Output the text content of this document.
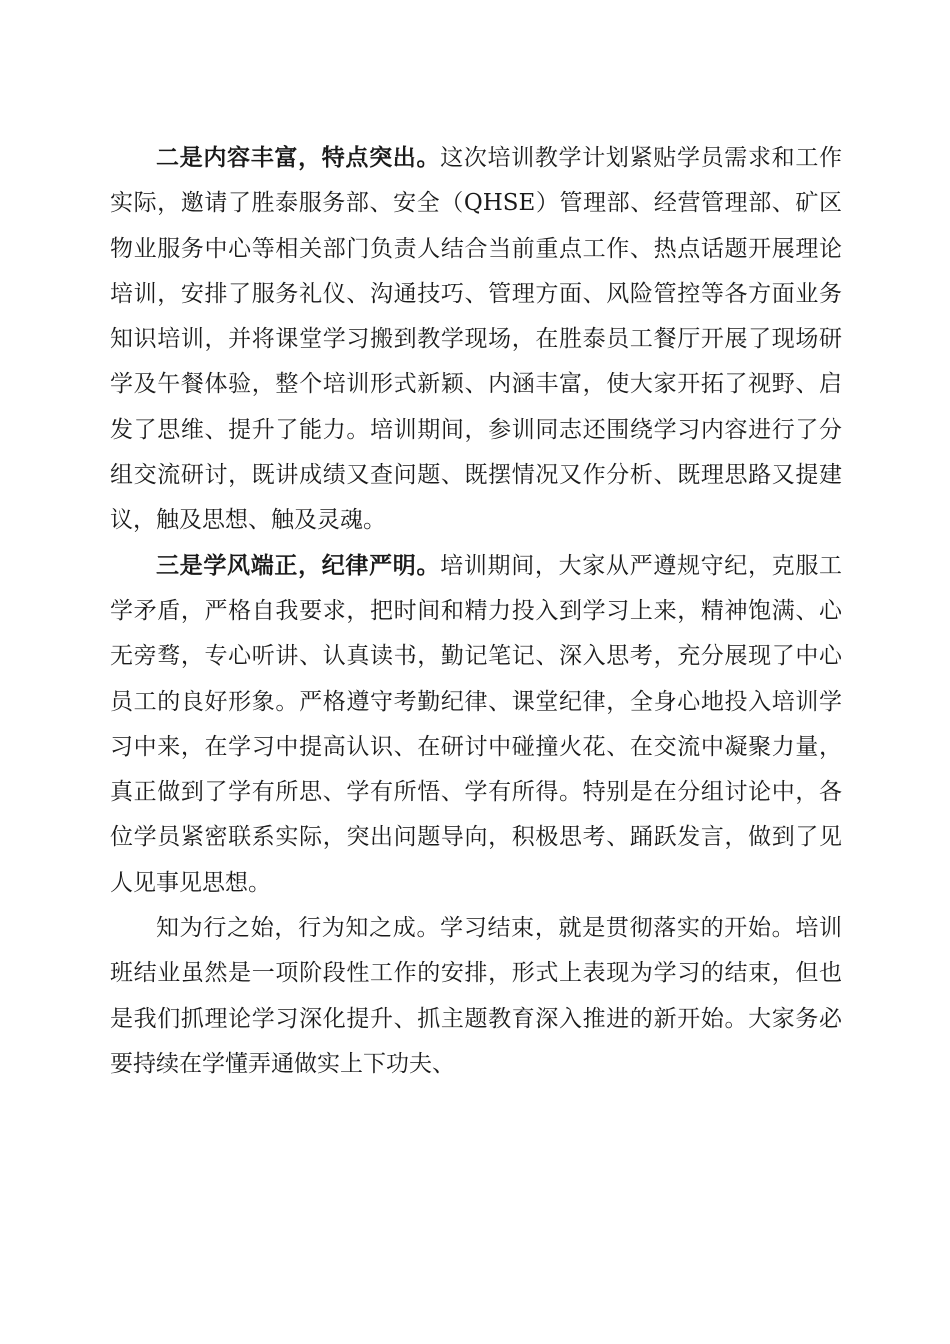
二是内容丰富，特点突出。这次培训教学计划紧贴学员需求和工作实际，邀请了胜泰服务部、安全（QHSE）管理部、经营管理部、矿区物业服务中心等相关部门负责人结合当前重点工作、热点话题开展理论培训，安排了服务礼仪、沟通技巧、管理方面、风险管控等各方面业务知识培训，并将课堂学习搬到教学现场，在胜泰员工餐厅开展了现场研学及午餐体验，整个培训形式新颖、内涵丰富，使大家开拓了视野、启发了思维、提升了能力。培训期间，参训同志还围绕学习内容进行了分组交流研讨，既讲成绩又查问题、既摆情况又作分析、既理思路又提建议，触及思想、触及灵魂。

三是学风端正，纪律严明。培训期间，大家从严遵规守纪，克服工学矛盾，严格自我要求，把时间和精力投入到学习上来，精神饱满、心无旁骛，专心听讲、认真读书，勤记笔记、深入思考，充分展现了中心员工的良好形象。严格遵守考勤纪律、课堂纪律，全身心地投入培训学习中来，在学习中提高认识、在研讨中碰撞火花、在交流中凝聚力量，真正做到了学有所思、学有所悟、学有所得。特别是在分组讨论中，各位学员紧密联系实际，突出问题导向，积极思考、踊跃发言，做到了见人见事见思想。

知为行之始，行为知之成。学习结束，就是贯彻落实的开始。培训班结业虽然是一项阶段性工作的安排，形式上表现为学习的结束，但也是我们抓理论学习深化提升、抓主题教育深入推进的新开始。大家务必要持续在学懂弄通做实上下功夫、
